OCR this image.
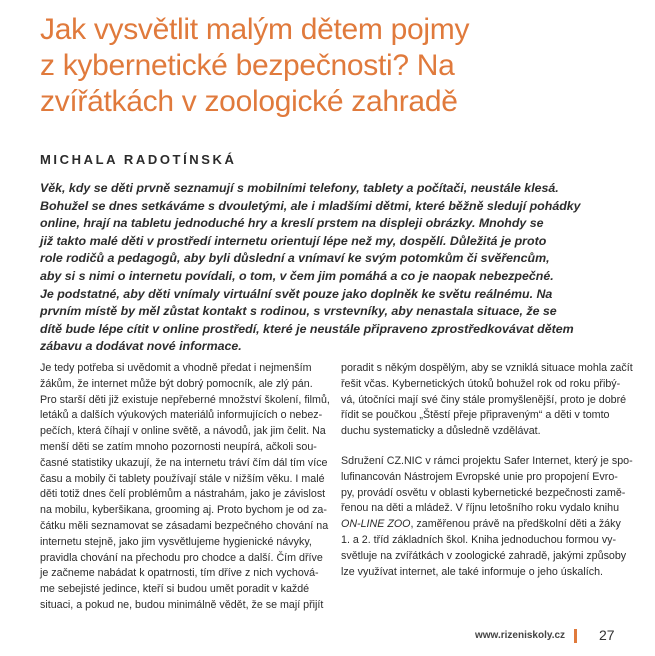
Jak vysvětlit malým dětem pojmy
z kybernetické bezpečnosti? Na
zvířátkách v zoologické zahradě
MICHALA RADOTÍNSKÁ

Věk, kdy se děti prvně seznamují s mobilními telefony, tablety a počítači, neustále klesá.
Bohužel se dnes setkáváme s dvouletými, ale i mladšími dětmi, které běžně sledují pohádky
online, hrají na tabletu jednoduché hry a kreslí prstem na displeji obrázky. Mnohdy se
již takto malé děti v prostředí internetu orientují lépe než my, dospělí. Důležitá je proto
role rodičů a pedagogů, aby byli důslední a vnímaví ke svým potomkům či svěřencům,
aby si s nimi o internetu povídali, o tom, v čem jim pomáhá a co je naopak nebezpečné.
Je podstatné, aby děti vnímaly virtuální svět pouze jako doplněk ke světu reálnému. Na
prvním místě by měl zůstat kontakt s rodinou, s vrstevníky, aby nenastala situace, že se
dítě bude lépe cítit v online prostředí, které je neustále připraveno zprostředkovávat dětem
zábavu a dodávat nové informace.

Je tedy potřeba si uvědomit a vhodně předat i nejmenším
žákům, že internet může být dobrý pomocník, ale zlý pán.
Pro starší děti již existuje nepřeberné množství školení, filmů,
letáků a dalších výukových materiálů informujících o nebez-
pečích, která číhají v online světě, a návodů, jak jim čelit. Na
menší děti se zatím mnoho pozornosti neupírá, ačkoli sou-
časné statistiky ukazují, že na internetu tráví čím dál tím více
času a mobily či tablety používají stále v nižším věku. I malé
děti totiž dnes čelí problémům a nástrahám, jako je závislost
na mobilu, kyberšikana, grooming aj. Proto bychom je od za-
čátku měli seznamovat se zásadami bezpečného chování na
internetu stejně, jako jim vysvětlujeme hygienické návyky,
pravidla chování na přechodu pro chodce a další. Čím dříve
je začneme nabádat k opatrnosti, tím dříve z nich vychová-
me sebejisté jedince, kteří si budou umět poradit v každé
situaci, a pokud ne, budou minimálně vědět, že se mají přijít

poradit s někým dospělým, aby se vzniklá situace mohla začít
řešit včas. Kybernetických útoků bohužel rok od roku přibý-
vá, útočníci mají své činy stále promyšlenější, proto je dobré
řídit se poučkou „Štěstí přeje připraveným“ a děti v tomto
duchu systematicky a důsledně vzdělávat.

Sdružení CZ.NIC v rámci projektu Safer Internet, který je spo-
lufinancován Nástrojem Evropské unie pro propojení Evro-
py, provádí osvětu v oblasti kybernetické bezpečnosti zamě-
řenou na děti a mládež. V říjnu letošního roku vydalo knihu
ON-LINE ZOO, zaměřenou právě na předškolní děti a žáky
1. a 2. tříd základních škol. Kniha jednoduchou formou vy-
světluje na zvířátkách v zoologické zahradě, jakými způsoby
lze využívat internet, ale také informuje o jeho úskalích.

www.rizeniskoly.cz 27
